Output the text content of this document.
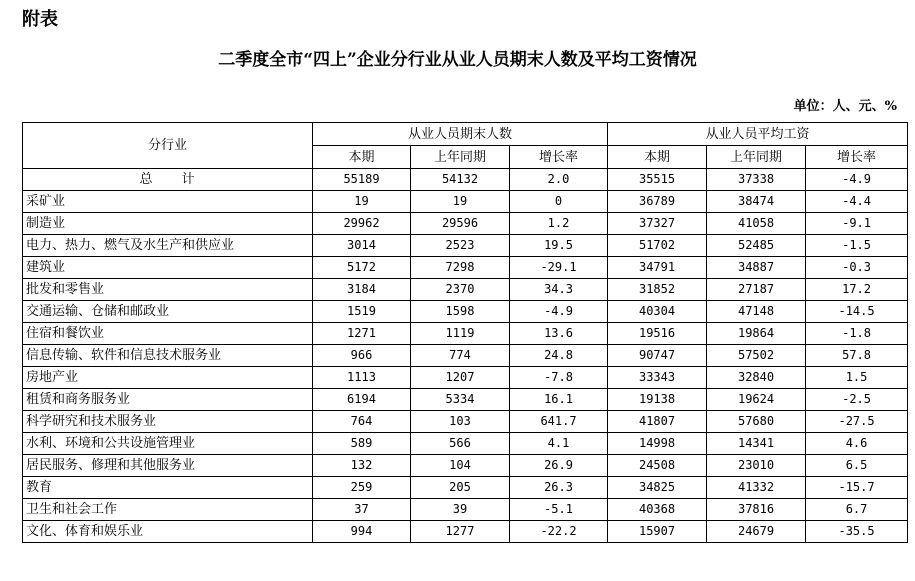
附表
二季度全市“四上”企业分行业从业人员期末人数及平均工资情况
单位：人、元、%
分行业	从业人员期末人数			从业人员平均工资		
	本期	上年同期	增长率	本期	上年同期	增长率
总　　计	55189	54132	2.0	35515	37338	-4.9
采矿业	19	19	0	36789	38474	-4.4
制造业	29962	29596	1.2	37327	41058	-9.1
电力、热力、燃气及水生产和供应业	3014	2523	19.5	51702	52485	-1.5
建筑业	5172	7298	-29.1	34791	34887	-0.3
批发和零售业	3184	2370	34.3	31852	27187	17.2
交通运输、仓储和邮政业	1519	1598	-4.9	40304	47148	-14.5
住宿和餐饮业	1271	1119	13.6	19516	19864	-1.8
信息传输、软件和信息技术服务业	966	774	24.8	90747	57502	57.8
房地产业	1113	1207	-7.8	33343	32840	1.5
租赁和商务服务业	6194	5334	16.1	19138	19624	-2.5
科学研究和技术服务业	764	103	641.7	41807	57680	-27.5
水利、环境和公共设施管理业	589	566	4.1	14998	14341	4.6
居民服务、修理和其他服务业	132	104	26.9	24508	23010	6.5
教育	259	205	26.3	34825	41332	-15.7
卫生和社会工作	37	39	-5.1	40368	37816	6.7
文化、体育和娱乐业	994	1277	-22.2	15907	24679	-35.5
